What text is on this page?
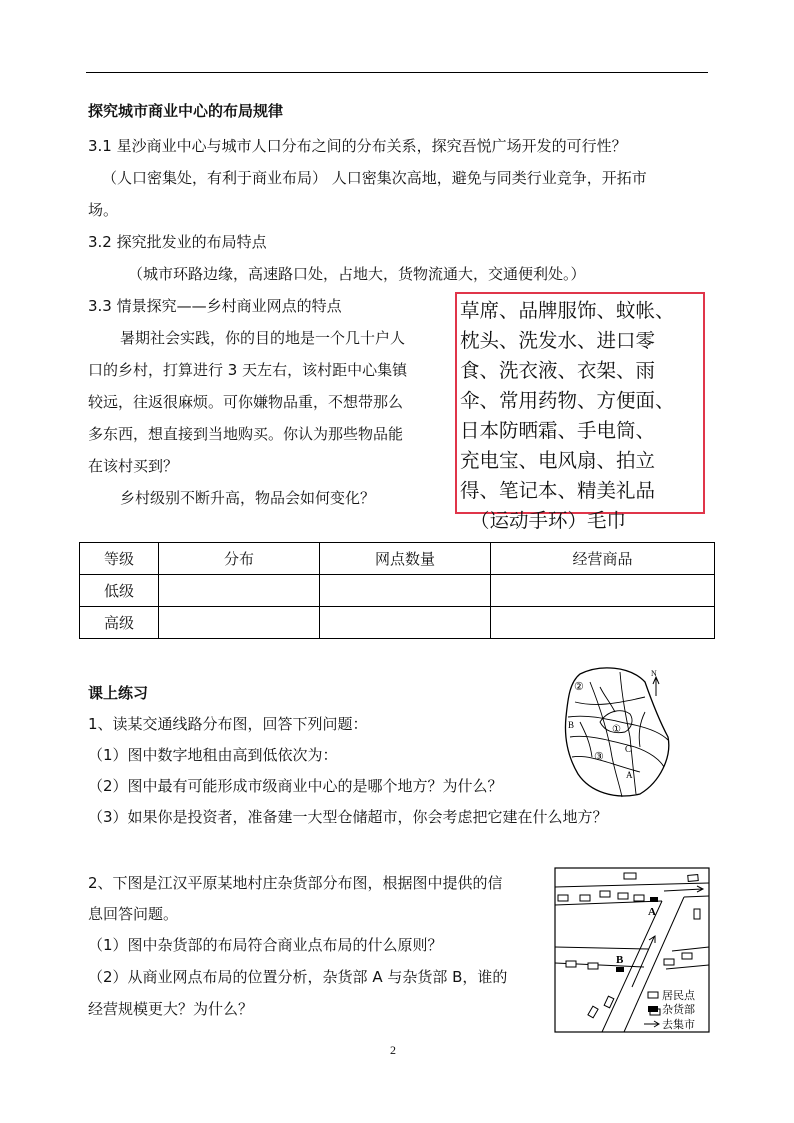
探究城市商业中心的布局规律
3.1 星沙商业中心与城市人口分布之间的分布关系，探究吾悦广场开发的可行性？
（人口密集处，有利于商业布局） 人口密集次高地，避免与同类行业竞争，开拓市
场。
3.2 探究批发业的布局特点
（城市环路边缘，高速路口处，占地大，货物流通大，交通便利处。）
3.3 情景探究——乡村商业网点的特点
暑期社会实践，你的目的地是一个几十户人
口的乡村，打算进行 3 天左右，该村距中心集镇
较远，往返很麻烦。可你嫌物品重，不想带那么
多东西，想直接到当地购买。你认为那些物品能
在该村买到？
乡村级别不断升高，物品会如何变化？
草席、品牌服饰、蚊帐、
枕头、洗发水、进口零
食、洗衣液、衣架、雨
伞、常用药物、方便面、
日本防晒霜、手电筒、
充电宝、电风扇、拍立
得、笔记本、精美礼品
（运动手环）毛巾
等级	分布	网点数量	经营商品
低级			
高级			
课上练习
1、读某交通线路分布图，回答下列问题：
（1）图中数字地租由高到低依次为：
（2）图中最有可能形成市级商业中心的是哪个地方？为什么？
（3）如果你是投资者，准备建一大型仓储超市，你会考虑把它建在什么地方？
2、下图是江汉平原某地村庄杂货部分布图，根据图中提供的信
息回答问题。
（1）图中杂货部的布局符合商业点布局的什么原则？
（2）从商业网点布局的位置分析，杂货部 A 与杂货部 B，谁的
经营规模更大？为什么？
②
B	①
③
C
A
N
A
B
居民点
杂货部
去集市
2
